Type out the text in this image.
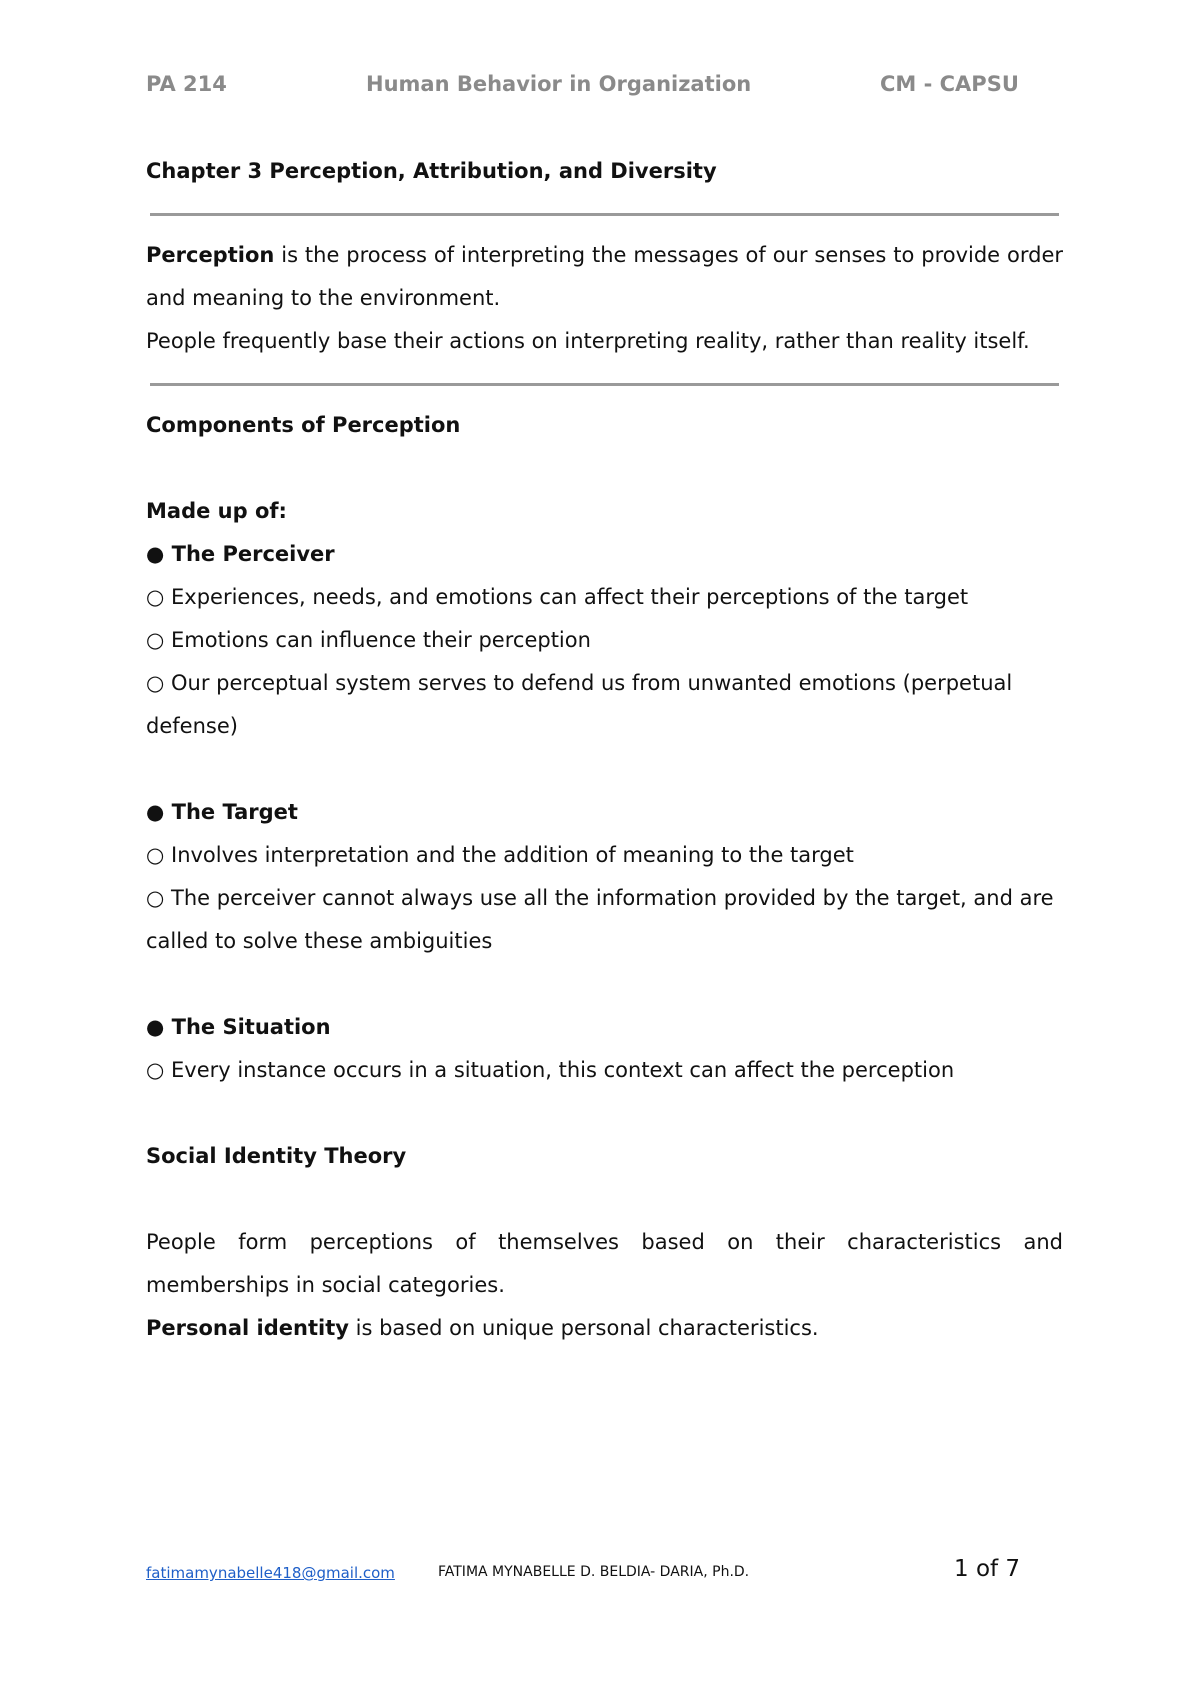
PA 214	Human Behavior in Organization	CM - CAPSU

Chapter 3 Perception, Attribution, and Diversity

Perception is the process of interpreting the messages of our senses to provide order and meaning to the environment.

People frequently base their actions on interpreting reality, rather than reality itself.

Components of Perception

Made up of:

● The Perceiver

○ Experiences, needs, and emotions can affect their perceptions of the target

○ Emotions can influence their perception

○ Our perceptual system serves to defend us from unwanted emotions (perpetual defense)

● The Target

○ Involves interpretation and the addition of meaning to the target

○ The perceiver cannot always use all the information provided by the target, and are called to solve these ambiguities

● The Situation

○ Every instance occurs in a situation, this context can affect the perception

Social Identity Theory

People form perceptions of themselves based on their characteristics and memberships in social categories.

Personal identity is based on unique personal characteristics.

fatimamynabelle418@gmail.com	FATIMA MYNABELLE D. BELDIA- DARIA, Ph.D.	1 of 7
